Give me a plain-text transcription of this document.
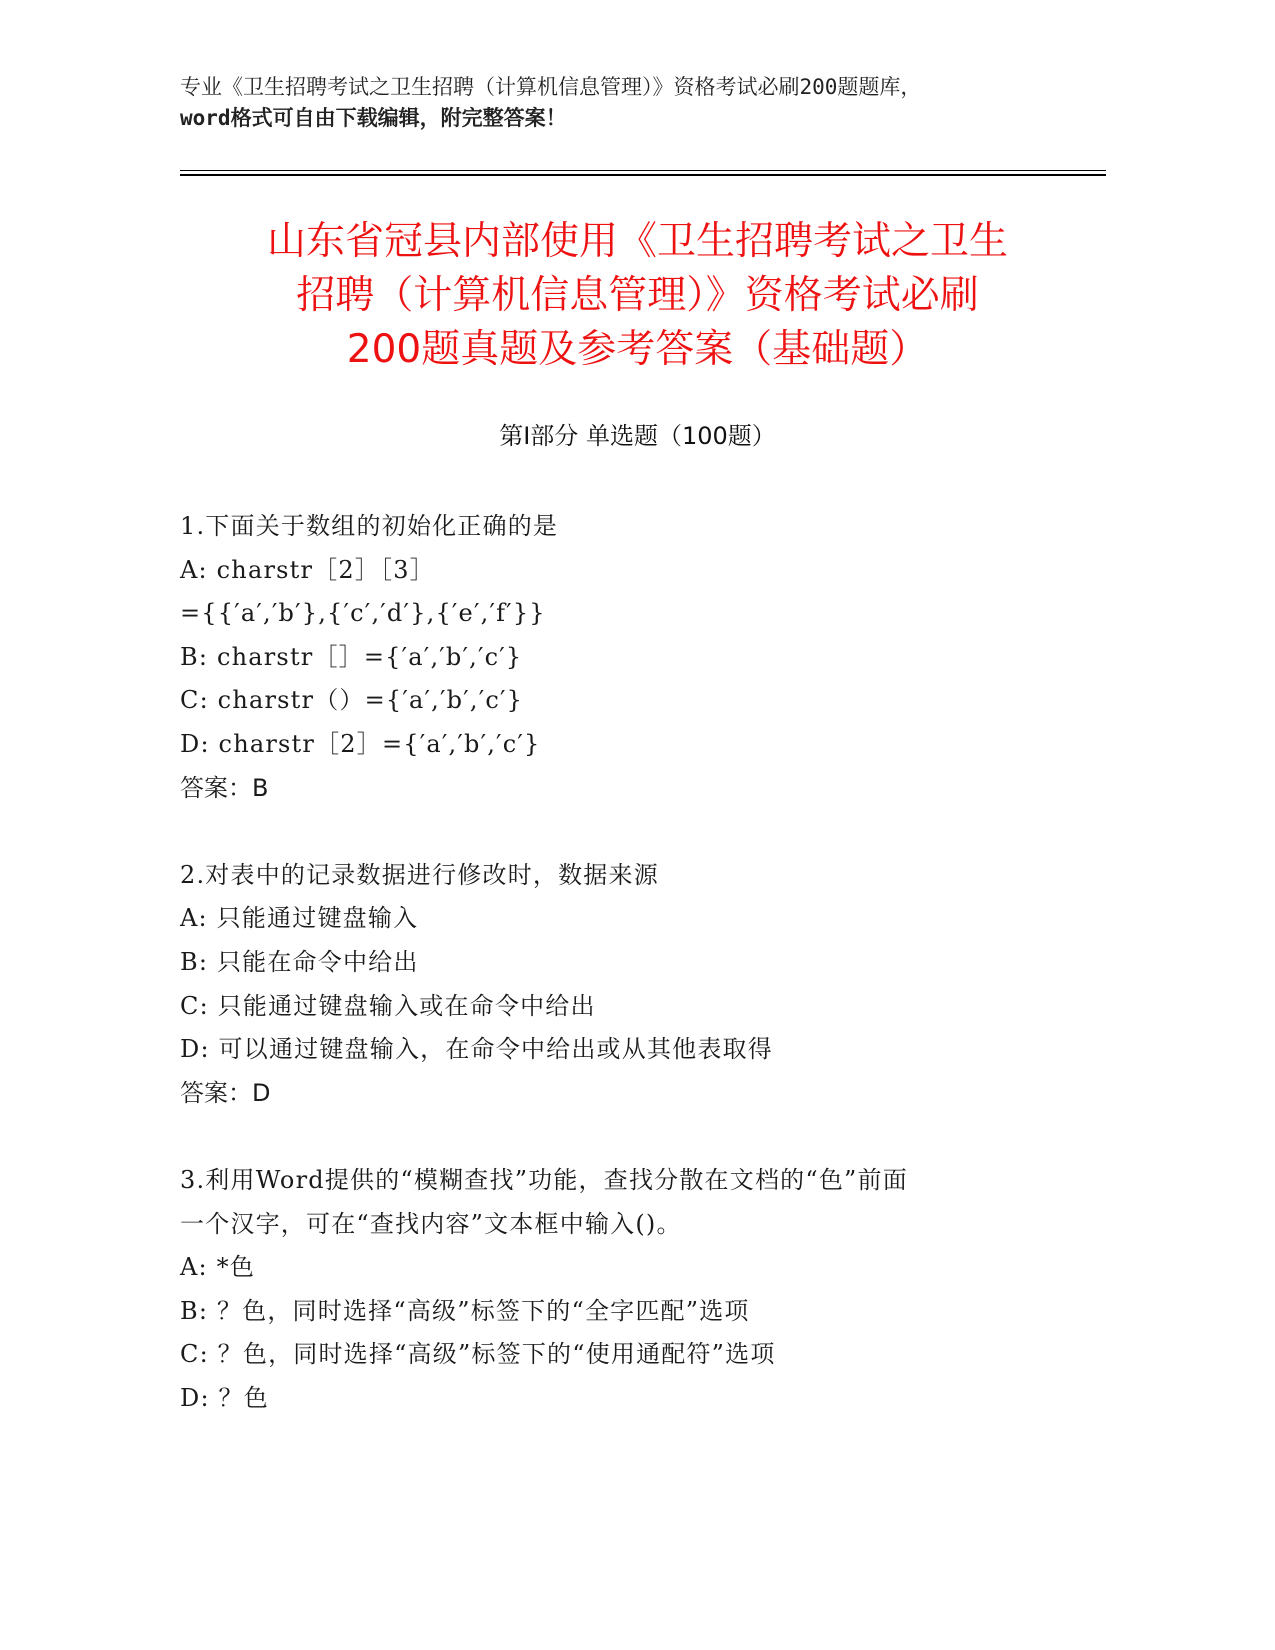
专业《卫生招聘考试之卫生招聘（计算机信息管理）》资格考试必刷200题题库，
word格式可自由下载编辑，附完整答案！
山东省冠县内部使用《卫生招聘考试之卫生
招聘（计算机信息管理）》资格考试必刷
200题真题及参考答案（基础题）
第I部分 单选题（100题）
1.下面关于数组的初始化正确的是
A: charstr［2］［3］
={{′a′,′b′},{′c′,′d′},{′e′,′f′}}
B: charstr［］={′a′,′b′,′c′}
C: charstr（）={′a′,′b′,′c′}
D: charstr［2］={′a′,′b′,′c′}
答案：B
2.对表中的记录数据进行修改时，数据来源
A: 只能通过键盘输入
B: 只能在命令中给出
C: 只能通过键盘输入或在命令中给出
D: 可以通过键盘输入，在命令中给出或从其他表取得
答案：D
3.利用Word提供的“模糊查找”功能，查找分散在文档的“色”前面
一个汉字，可在“查找内容”文本框中输入()。
A: *色
B: ？色，同时选择“高级”标签下的“全字匹配”选项
C: ？色，同时选择“高级”标签下的“使用通配符”选项
D: ？色
